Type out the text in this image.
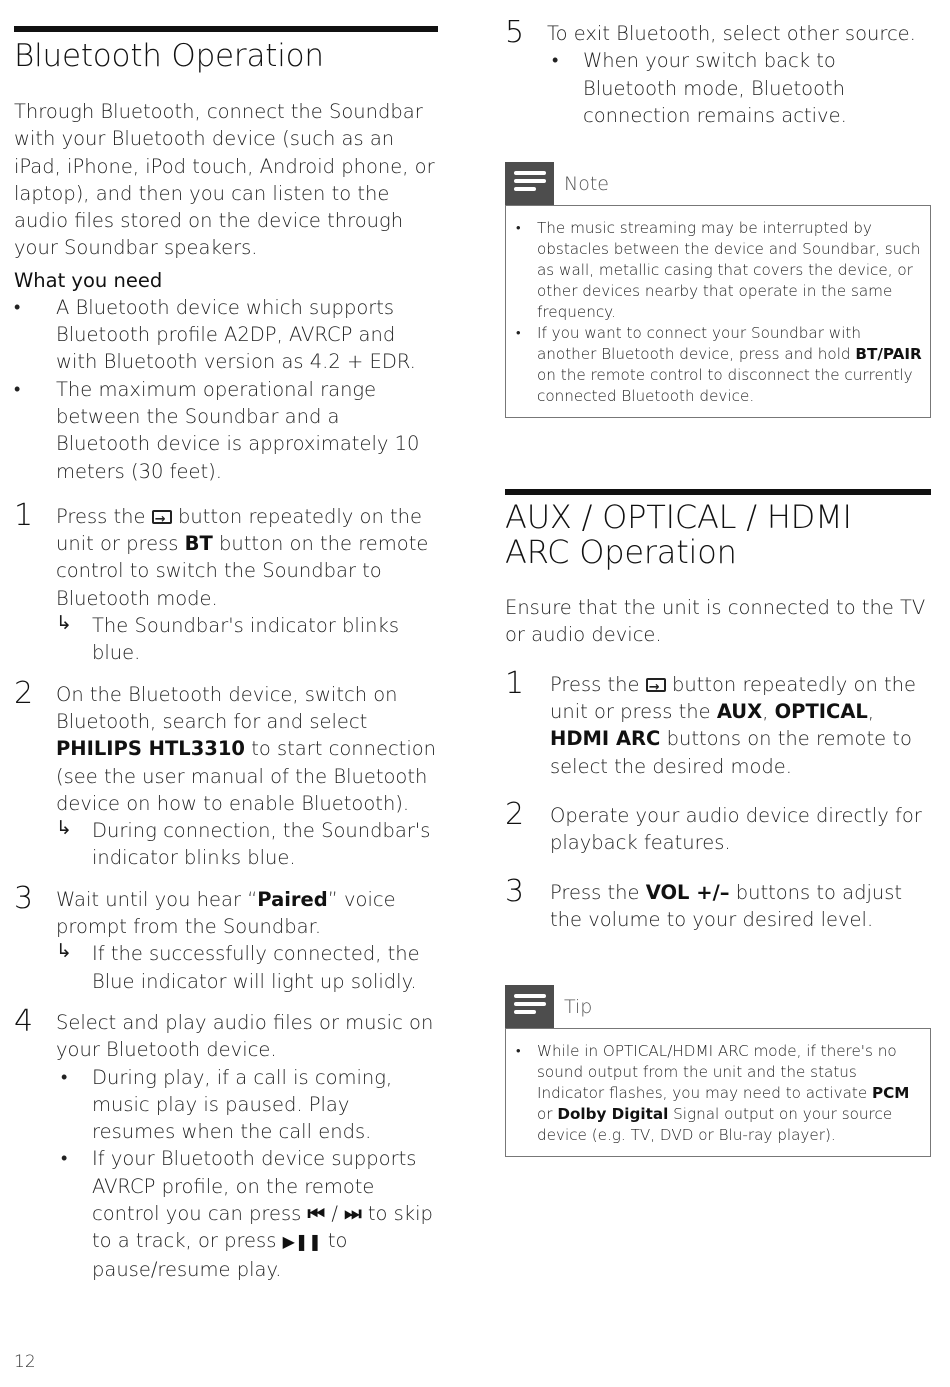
Bluetooth Operation

Through Bluetooth, connect the Soundbar with your Bluetooth device (such as an iPad, iPhone, iPod touch, Android phone, or laptop), and then you can listen to the audio files stored on the device through your Soundbar speakers.

What you need
• A Bluetooth device which supports Bluetooth profile A2DP, AVRCP and with Bluetooth version as 4.2 + EDR.
• The maximum operational range between the Soundbar and a Bluetooth device is approximately 10 meters (30 feet).
1 Press the → button repeatedly on the unit or press BT button on the remote control to switch the Soundbar to Bluetooth mode.

↳ The Soundbar's indicator blinks blue.

2 On the Bluetooth device, switch on Bluetooth, search for and select PHILIPS HTL3310 to start connection (see the user manual of the Bluetooth device on how to enable Bluetooth).

↳ During connection, the Soundbar's indicator blinks blue.

3 Wait until you hear “Paired” voice prompt from the Soundbar.

↳ If the successfully connected, the Blue indicator will light up solidly.

4 Select and play audio files or music on your Bluetooth device.

• During play, if a call is coming, music play is paused. Play resumes when the call ends.
• If your Bluetooth device supports AVRCP profile, on the remote control you can press ⏮ / ⏭ to skip to a track, or press ▶❚❚ to pause/resume play.
12
5 To exit Bluetooth, select other source.

• When your switch back to Bluetooth mode, Bluetooth connection remains active.
Note
• The music streaming may be interrupted by obstacles between the device and Soundbar, such as wall, metallic casing that covers the device, or other devices nearby that operate in the same frequency.
• If you want to connect your Soundbar with another Bluetooth device, press and hold BT/PAIR on the remote control to disconnect the currently connected Bluetooth device.
AUX / OPTICAL / HDMI
ARC Operation

Ensure that the unit is connected to the TV or audio device.

1 Press the → button repeatedly on the unit or press the AUX, OPTICAL, HDMI ARC buttons on the remote to select the desired mode.

2 Operate your audio device directly for playback features.

3 Press the VOL +/– buttons to adjust the volume to your desired level.

Tip
• While in OPTICAL/HDMI ARC mode, if there's no sound output from the unit and the status Indicator flashes, you may need to activate PCM or Dolby Digital Signal output on your source device (e.g. TV, DVD or Blu-ray player).
